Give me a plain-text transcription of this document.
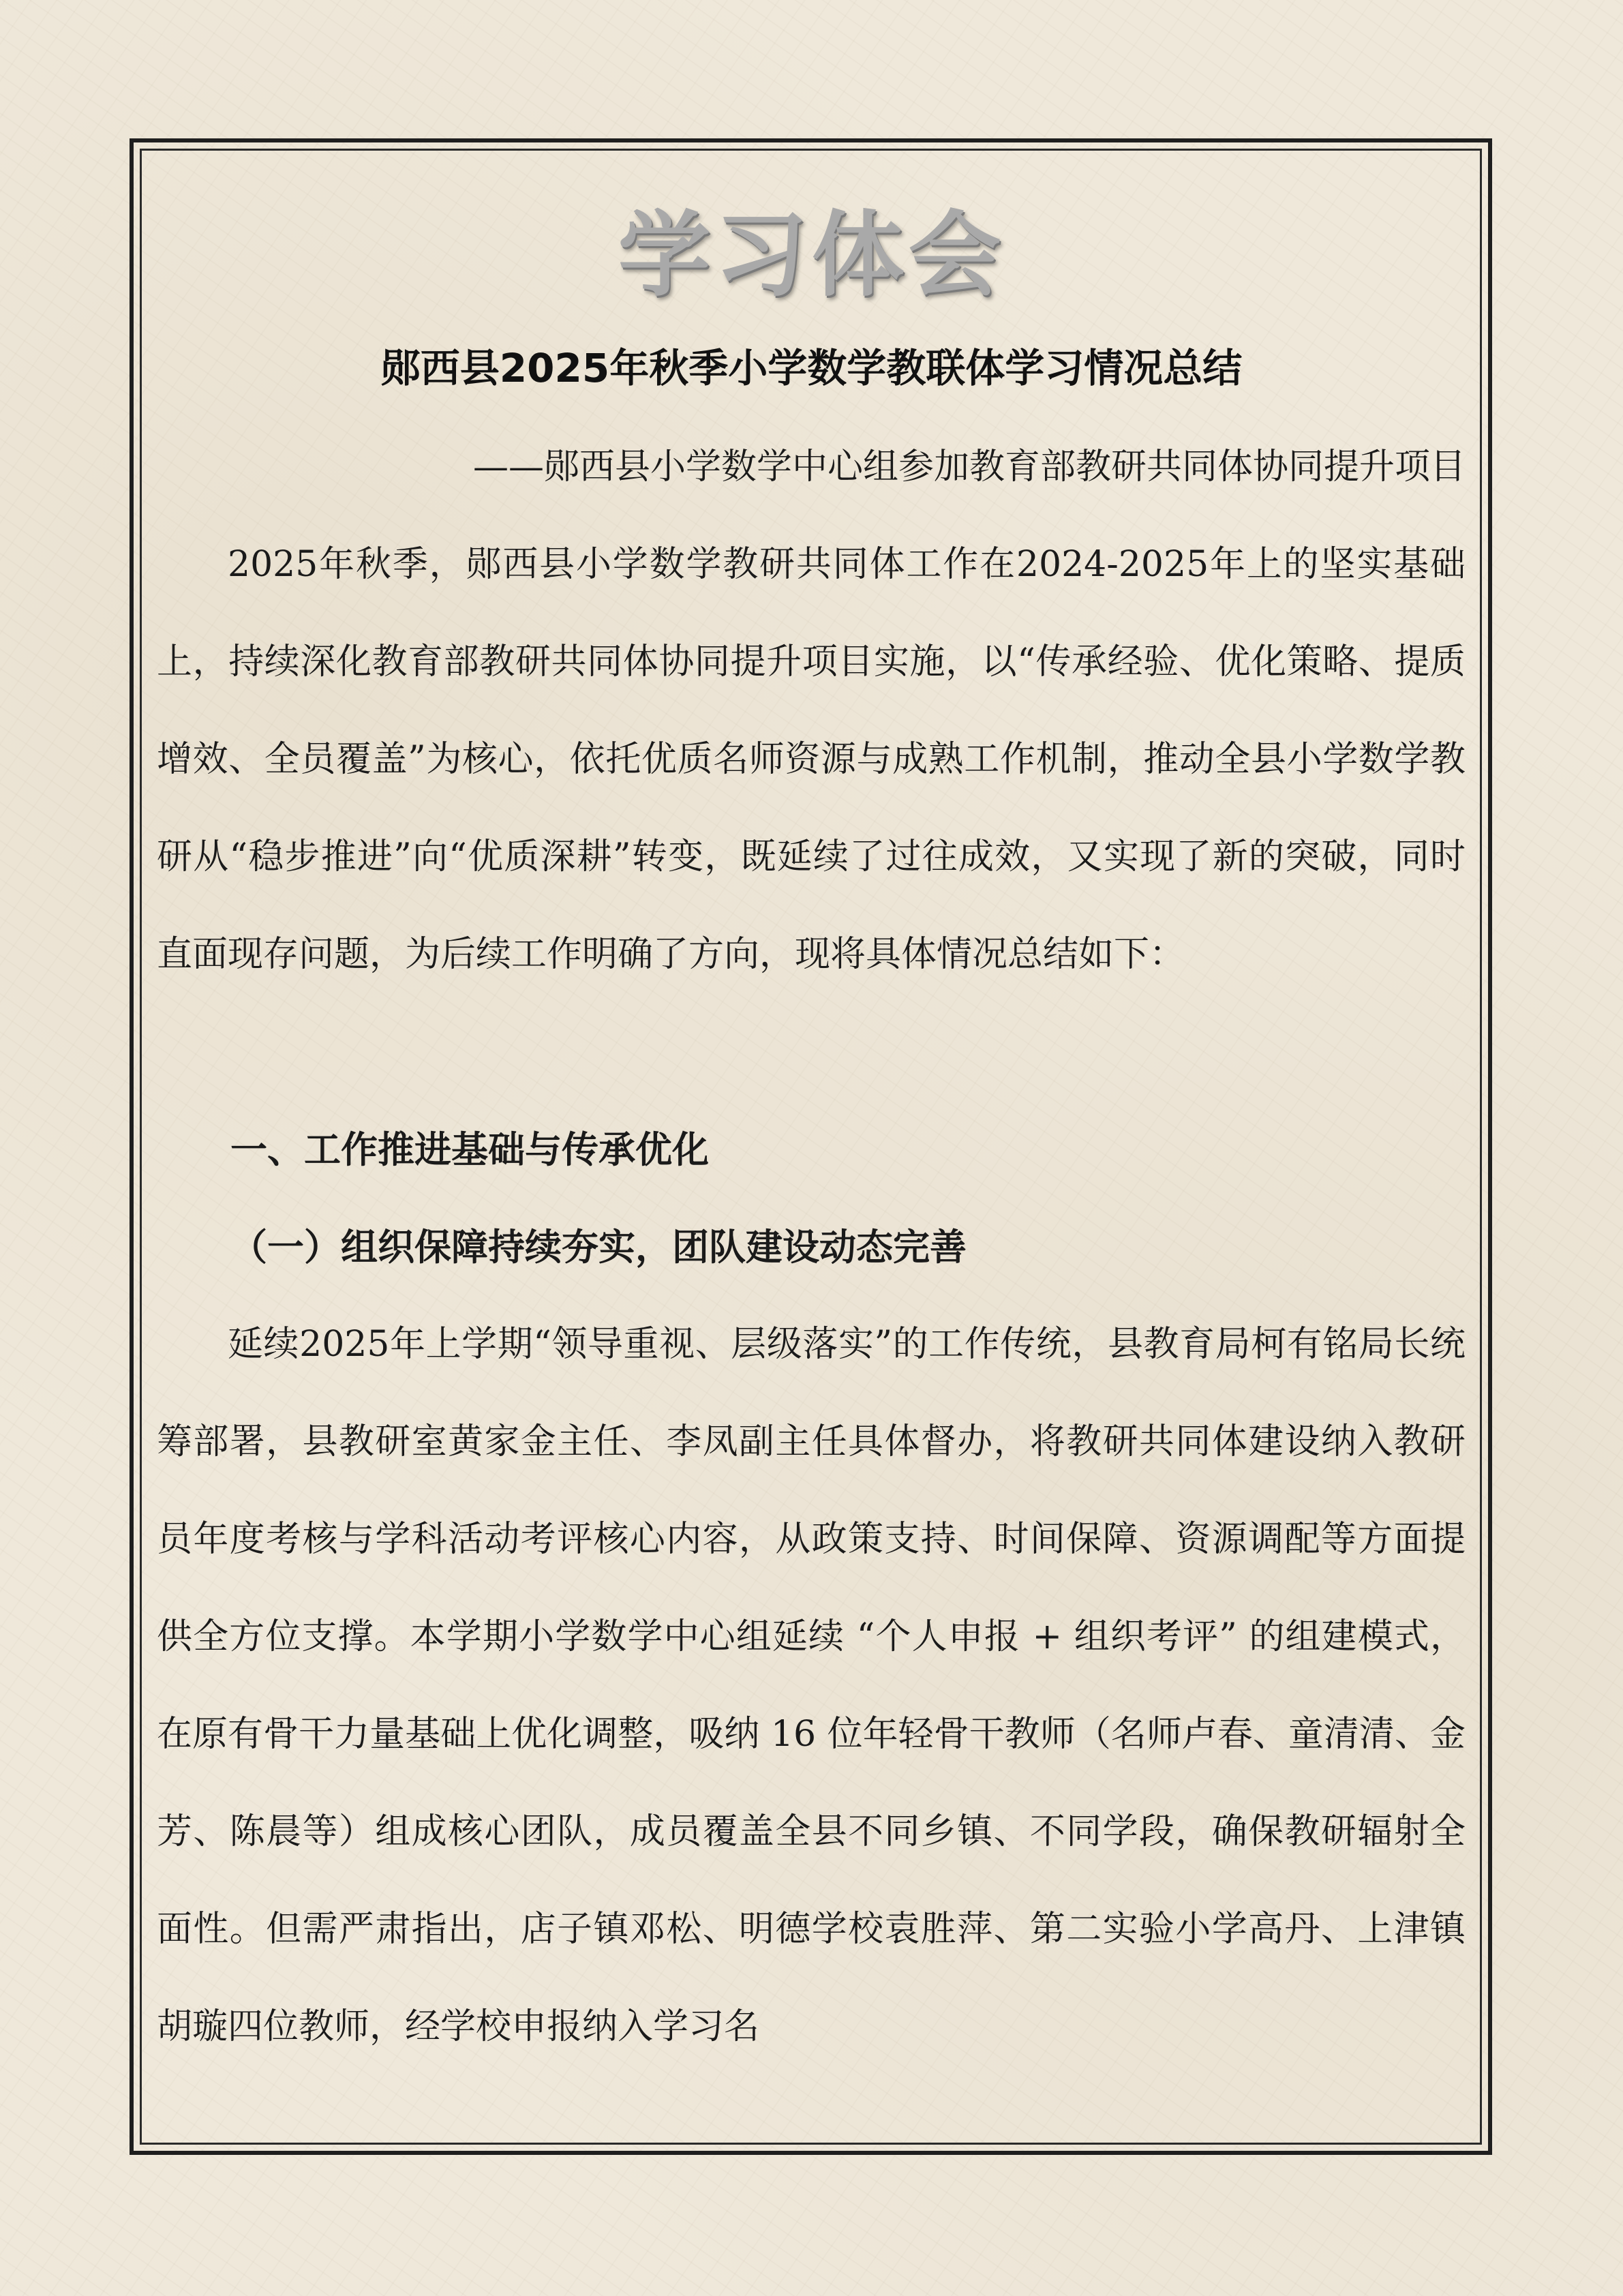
学习体会
郧西县2025年秋季小学数学教联体学习情况总结

——郧西县小学数学中心组参加教育部教研共同体协同提升项目

2025年秋季，郧西县小学数学教研共同体工作在2024-2025年上的坚实基础上，持续深化教育部教研共同体协同提升项目实施，以“传承经验、优化策略、提质增效、全员覆盖”为核心，依托优质名师资源与成熟工作机制，推动全县小学数学教研从“稳步推进”向“优质深耕”转变，既延续了过往成效，又实现了新的突破，同时直面现存问题，为后续工作明确了方向，现将具体情况总结如下：

一、工作推进基础与传承优化
（一）组织保障持续夯实，团队建设动态完善

延续2025年上学期“领导重视、层级落实”的工作传统，县教育局柯有铭局长统筹部署，县教研室黄家金主任、李凤副主任具体督办，将教研共同体建设纳入教研员年度考核与学科活动考评核心内容，从政策支持、时间保障、资源调配等方面提供全方位支撑。本学期小学数学中心组延续 “个人申报 + 组织考评” 的组建模式，在原有骨干力量基础上优化调整，吸纳 16 位年轻骨干教师（名师卢春、童清清、金芳、陈晨等）组成核心团队，成员覆盖全县不同乡镇、不同学段，确保教研辐射全面性。但需严肃指出，店子镇邓松、明德学校袁胜萍、第二实验小学高丹、上津镇胡璇四位教师，经学校申报纳入学习名
